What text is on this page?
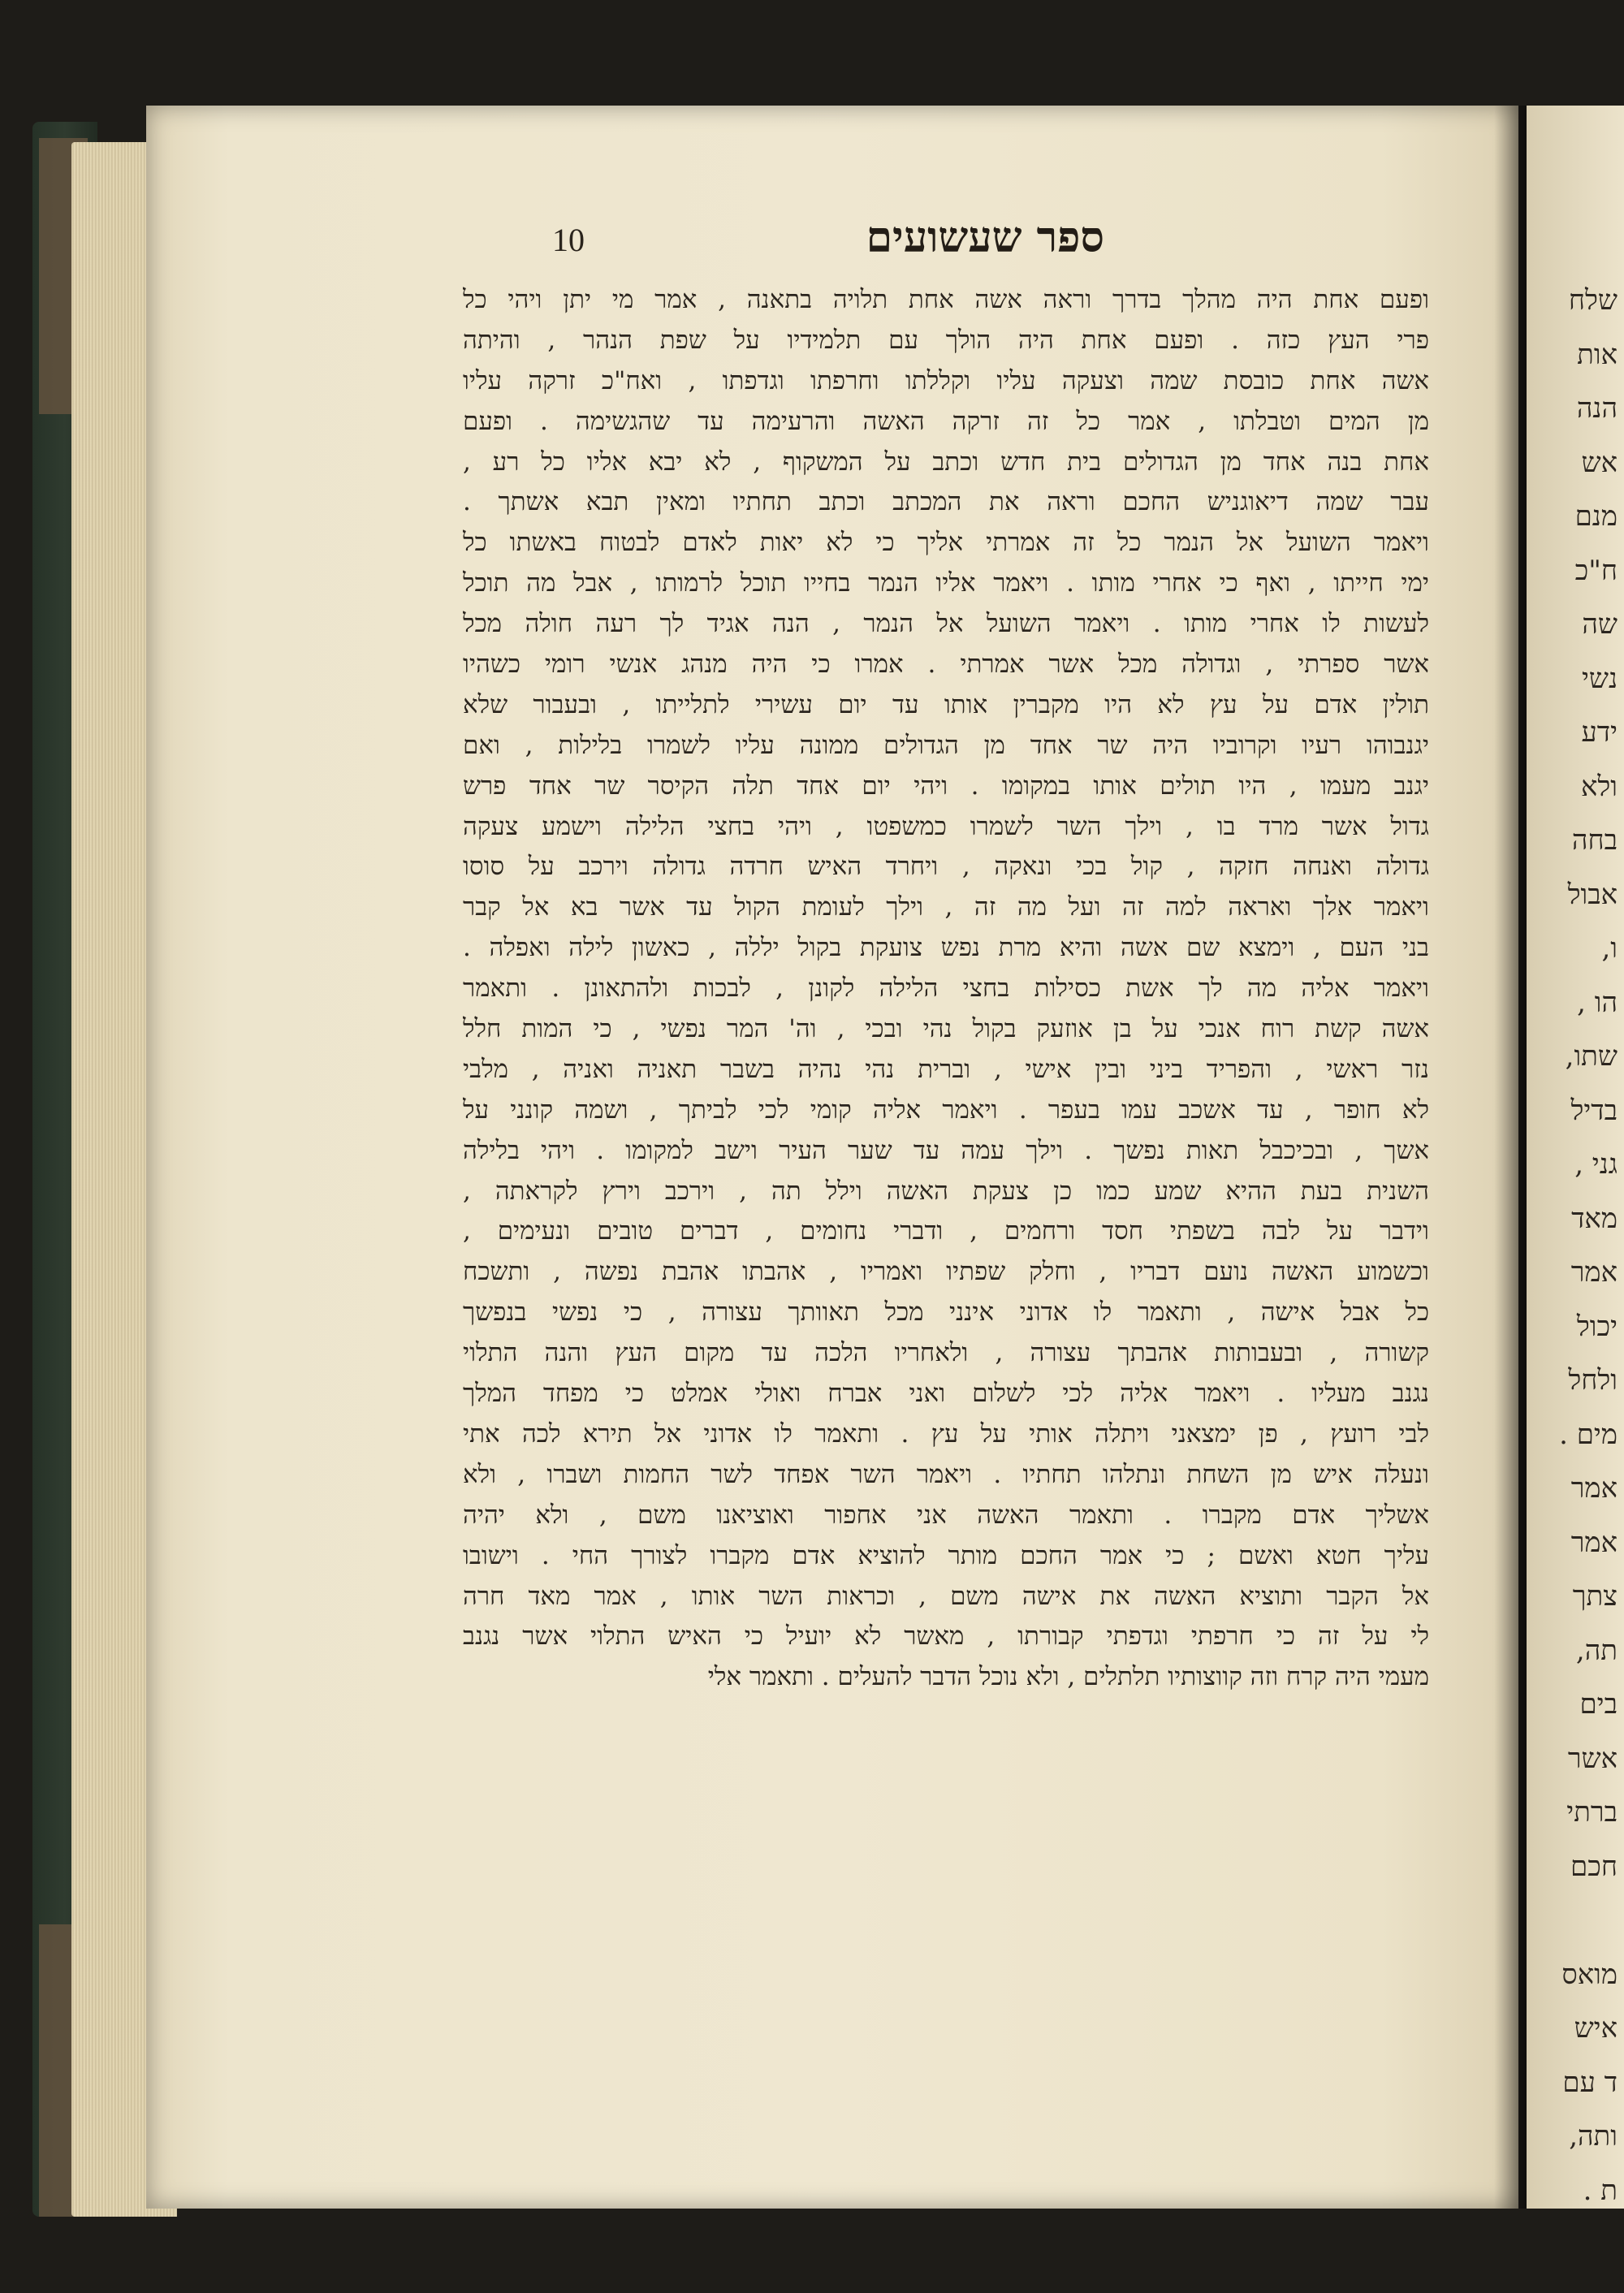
שלח
אות
הנה
אש
מנם
ח"כ
שה
נשי
ידע
ולא
בחה
אבול
ו,
הו ,
שתו,
בדיל
גני ,
מאד
אמר
יכול
ולחל
מים .
אמר
אמר
צתך
תה,
בים
אשר
ברתי
חכם
מואס
איש
ד עם
ותה,
ת .
10	ספר שעשועים
ופעם אחת היה מהלך בדרך וראה אשה אחת תלויה בתאנה , אמר מי יתן ויהי כל
פרי העץ כזה . ופעם אחת היה הולך עם תלמידיו על שפת הנהר , והיתה
אשה אחת כובסת שמה וצעקה עליו וקללתו וחרפתו וגדפתו , ואח"כ זרקה עליו
מן המים וטבלתו , אמר כל זה זרקה האשה והרעימה עד שהגשימה . ופעם
אחת בנה אחד מן הגדולים בית חדש וכתב על המשקוף , לא יבא אליו כל רע ,
עבר שמה דיאוגניש החכם וראה את המכתב וכתב תחתיו ומאין תבא אשתך .
ויאמר השועל אל הנמר כל זה אמרתי אליך כי לא יאות לאדם לבטוח באשתו כל
ימי חייתו , ואף כי אחרי מותו . ויאמר אליו הנמר בחייו תוכל לרמותו , אבל מה תוכל
לעשות לו אחרי מותו . ויאמר השועל אל הנמר , הנה אגיד לך רעה חולה מכל
אשר ספרתי , וגדולה מכל אשר אמרתי . אמרו כי היה מנהג אנשי רומי כשהיו
תולין אדם על עץ לא היו מקברין אותו עד יום עשירי לתלייתו , ובעבור שלא
יגנבוהו רעיו וקרוביו היה שר אחד מן הגדולים ממונה עליו לשמרו בלילות , ואם
יגנב מעמו , היו תולים אותו במקומו . ויהי יום אחד תלה הקיסר שר אחד פרש
גדול אשר מרד בו , וילך השר לשמרו כמשפטו , ויהי בחצי הלילה וישמע צעקה
גדולה ואנחה חזקה , קול בכי ונאקה , ויחרד האיש חרדה גדולה וירכב על סוסו
ויאמר אלך ואראה למה זה ועל מה זה , וילך לעומת הקול עד אשר בא אל קבר
בני העם , וימצא שם אשה והיא מרת נפש צועקת בקול יללה , כאשון לילה ואפלה .
ויאמר אליה מה לך אשת כסילות בחצי הלילה לקונן , לבכות ולהתאונן . ותאמר
אשה קשת רוח אנכי על בן אוזעק בקול נהי ובכי , וה' המר נפשי , כי המות חלל
נזר ראשי , והפריד ביני ובין אישי , וברית נהי נהיה בשבר תאניה ואניה , מלבי
לא חופר , עד אשכב עמו בעפר . ויאמר אליה קומי לכי לביתך , ושמה קונני על
אשך , ובכיכבל תאות נפשך . וילך עמה עד שער העיר וישב למקומו . ויהי בלילה
השנית בעת ההיא שמע כמו כן צעקת האשה וילל תה , וירכב וירץ לקראתה ,
וידבר על לבה בשפתי חסד ורחמים , ודברי נחומים , דברים טובים ונעימים ,
וכשמוע האשה נועם דבריו , וחלק שפתיו ואמריו , אהבתו אהבת נפשה , ותשכח
כל אבל אישה , ותאמר לו אדוני אינני מכל תאוותך עצורה , כי נפשי בנפשך
קשורה , ובעבותות אהבתך עצורה , ולאחריו הלכה עד מקום העץ והנה התלוי
נגנב מעליו . ויאמר אליה לכי לשלום ואני אברח ואולי אמלט כי מפחד המלך
לבי רועץ , פן ימצאני ויתלה אותי על עץ . ותאמר לו אדוני אל תירא לכה אתי
ונעלה איש מן השחת ונתלהו תחתיו . ויאמר השר אפחד לשר החמות ושברו , ולא
אשליך אדם מקברו . ותאמר האשה אני אחפור ואוציאנו משם , ולא יהיה
עליך חטא ואשם ; כי אמר החכם מותר להוציא אדם מקברו לצורך החי . וישובו
אל הקבר ותוציא האשה את אישה משם , וכראות השר אותו , אמר מאד חרה
לי על זה כי חרפתי וגדפתי קבורתו , מאשר לא יועיל כי האיש התלוי אשר נגנב
מעמי היה קרח וזה קווצותיו תלתלים , ולא נוכל הדבר להעלים . ותאמר אלי
